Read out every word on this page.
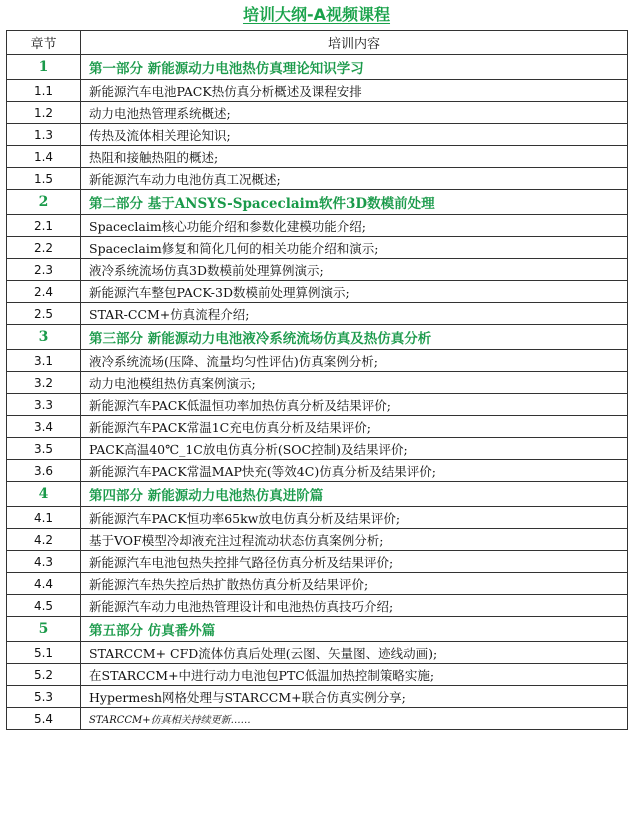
培训大纲-A视频课程
章节	培训内容
1	第一部分 新能源动力电池热仿真理论知识学习
1.1	新能源汽车电池PACK热仿真分析概述及课程安排
1.2	动力电池热管理系统概述;
1.3	传热及流体相关理论知识;
1.4	热阻和接触热阻的概述;
1.5	新能源汽车动力电池仿真工况概述;
2	第二部分 基于ANSYS-Spaceclaim软件3D数模前处理
2.1	Spaceclaim核心功能介绍和参数化建模功能介绍;
2.2	Spaceclaim修复和简化几何的相关功能介绍和演示;
2.3	液冷系统流场仿真3D数模前处理算例演示;
2.4	新能源汽车整包PACK-3D数模前处理算例演示;
2.5	STAR-CCM+仿真流程介绍;
3	第三部分 新能源动力电池液冷系统流场仿真及热仿真分析
3.1	液冷系统流场(压降、流量均匀性评估)仿真案例分析;
3.2	动力电池模组热仿真案例演示;
3.3	新能源汽车PACK低温恒功率加热仿真分析及结果评价;
3.4	新能源汽车PACK常温1C充电仿真分析及结果评价;
3.5	PACK高温40℃_1C放电仿真分析(SOC控制)及结果评价;
3.6	新能源汽车PACK常温MAP快充(等效4C)仿真分析及结果评价;
4	第四部分 新能源动力电池热仿真进阶篇
4.1	新能源汽车PACK恒功率65kw放电仿真分析及结果评价;
4.2	基于VOF模型冷却液充注过程流动状态仿真案例分析;
4.3	新能源汽车电池包热失控排气路径仿真分析及结果评价;
4.4	新能源汽车热失控后热扩散热仿真分析及结果评价;
4.5	新能源汽车动力电池热管理设计和电池热仿真技巧介绍;
5	第五部分 仿真番外篇
5.1	STARCCM+ CFD流体仿真后处理(云图、矢量图、迹线动画);
5.2	在STARCCM+中进行动力电池包PTC低温加热控制策略实施;
5.3	Hypermesh网格处理与STARCCM+联合仿真实例分享;
5.4	STARCCM+仿真相关持续更新……
